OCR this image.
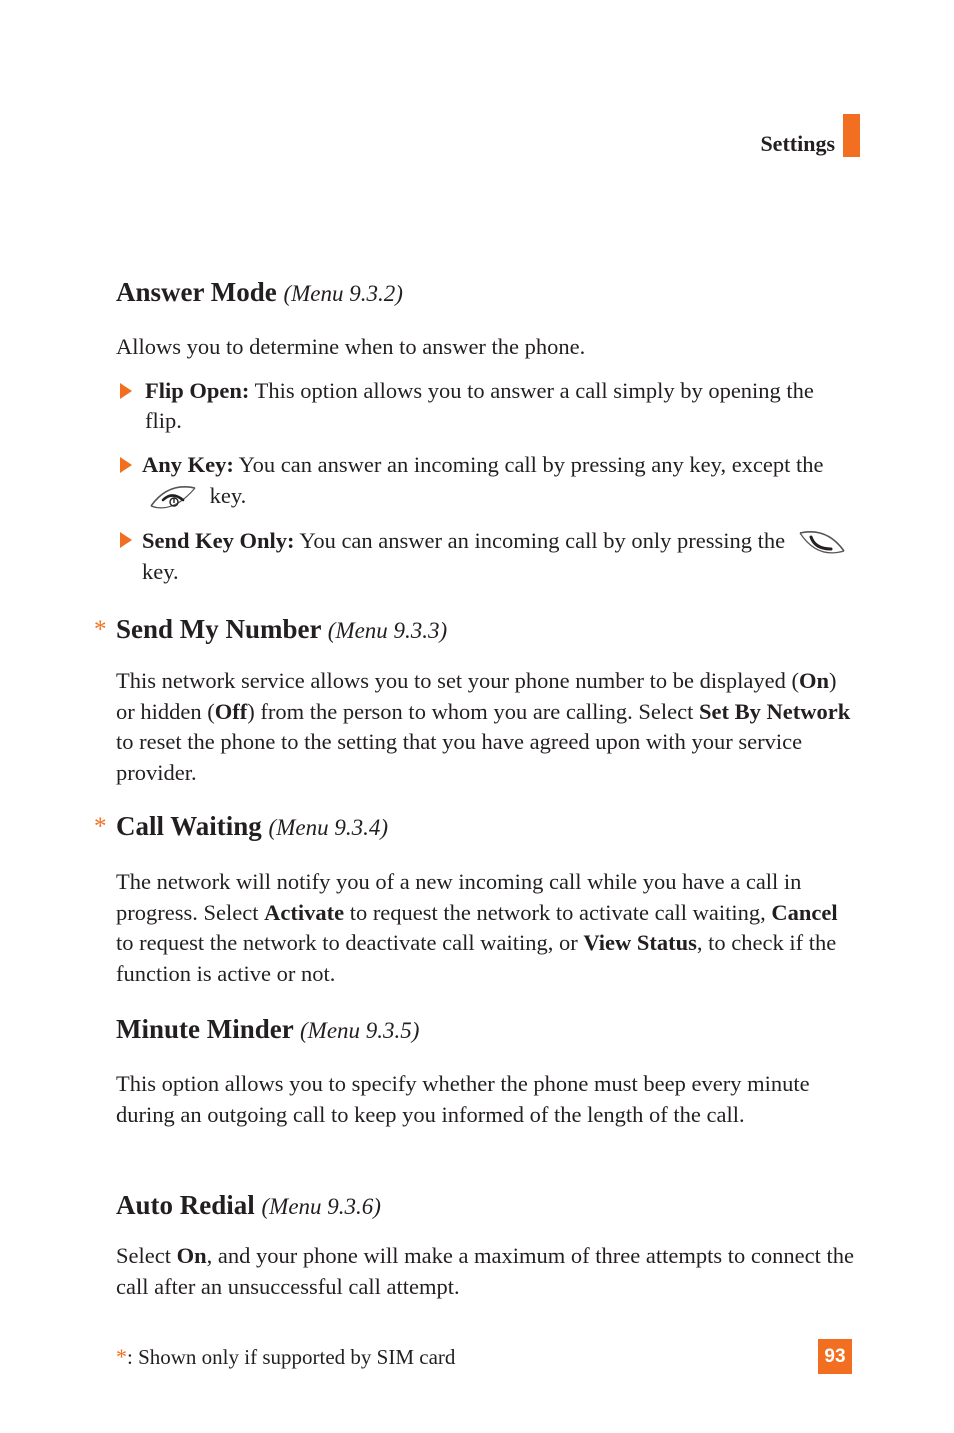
Settings
Answer Mode (Menu 9.3.2)

Allows you to determine when to answer the phone.

Flip Open: This option allows you to answer a call simply by opening the flip.
Any Key: You can answer an incoming call by pressing any key, except the  key.
Send Key Only: You can answer an incoming call by only pressing the  key.
* Send My Number (Menu 9.3.3)

This network service allows you to set your phone number to be displayed (On) or hidden (Off) from the person to whom you are calling. Select Set By Network to reset the phone to the setting that you have agreed upon with your service provider.

* Call Waiting (Menu 9.3.4)

The network will notify you of a new incoming call while you have a call in progress. Select Activate to request the network to activate call waiting, Cancel to request the network to deactivate call waiting, or View Status, to check if the function is active or not.

Minute Minder (Menu 9.3.5)

This option allows you to specify whether the phone must beep every minute during an outgoing call to keep you informed of the length of the call.

Auto Redial (Menu 9.3.6)

Select On, and your phone will make a maximum of three attempts to connect the call after an unsuccessful call attempt.

*: Shown only if supported by SIM card	93
